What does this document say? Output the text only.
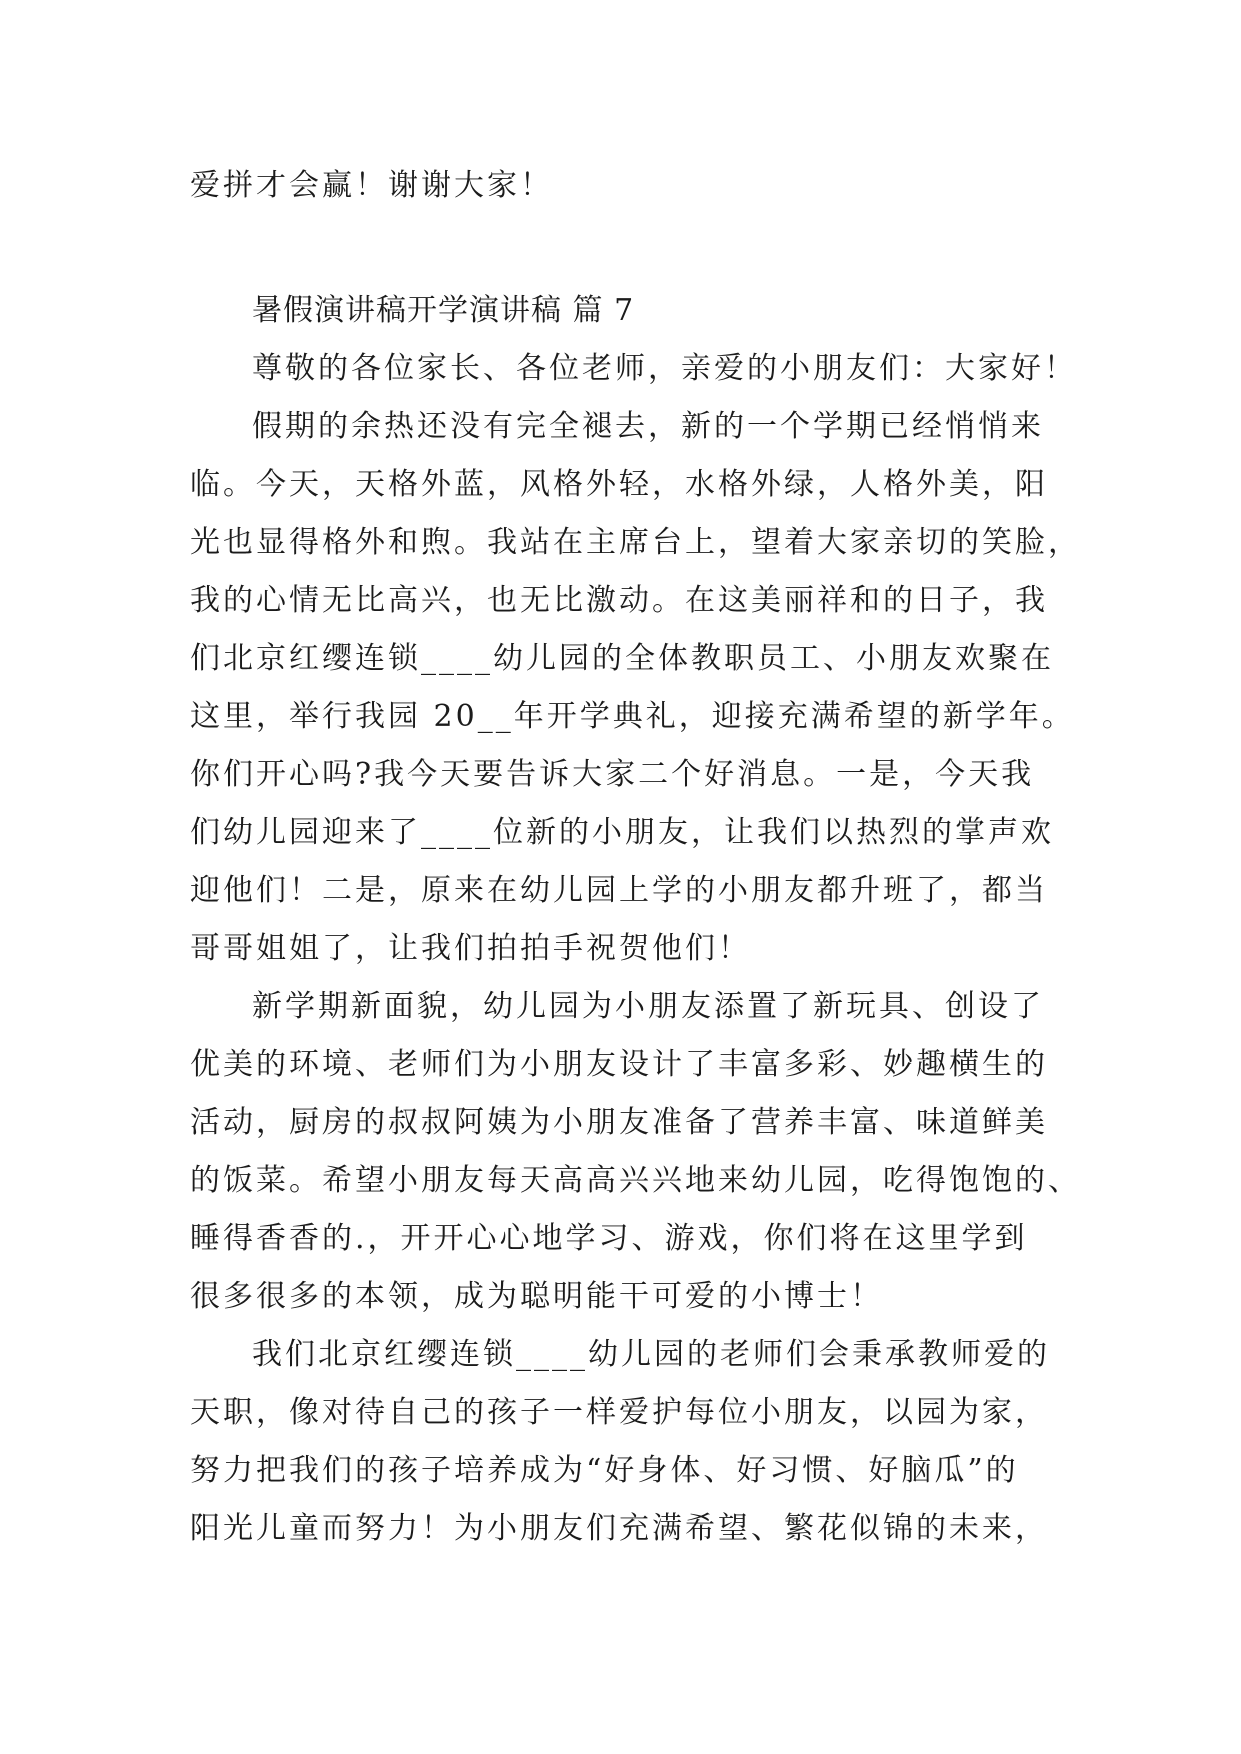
爱拼才会赢！谢谢大家！

暑假演讲稿开学演讲稿 篇 7

尊敬的各位家长、各位老师，亲爱的小朋友们：大家好！

假期的余热还没有完全褪去，新的一个学期已经悄悄来

临。今天，天格外蓝，风格外轻，水格外绿，人格外美，阳

光也显得格外和煦。我站在主席台上，望着大家亲切的笑脸，

我的心情无比高兴，也无比激动。在这美丽祥和的日子，我

们北京红缨连锁____幼儿园的全体教职员工、小朋友欢聚在

这里，举行我园 20__年开学典礼，迎接充满希望的新学年。

你们开心吗?我今天要告诉大家二个好消息。一是，今天我

们幼儿园迎来了____位新的小朋友，让我们以热烈的掌声欢

迎他们！二是，原来在幼儿园上学的小朋友都升班了，都当

哥哥姐姐了，让我们拍拍手祝贺他们！

新学期新面貌，幼儿园为小朋友添置了新玩具、创设了

优美的环境、老师们为小朋友设计了丰富多彩、妙趣横生的

活动，厨房的叔叔阿姨为小朋友准备了营养丰富、味道鲜美

的饭菜。希望小朋友每天高高兴兴地来幼儿园，吃得饱饱的、

睡得香香的.，开开心心地学习、游戏，你们将在这里学到

很多很多的本领，成为聪明能干可爱的小博士！

我们北京红缨连锁____幼儿园的老师们会秉承教师爱的

天职，像对待自己的孩子一样爱护每位小朋友，以园为家，

努力把我们的孩子培养成为“好身体、好习惯、好脑瓜”的

阳光儿童而努力！为小朋友们充满希望、繁花似锦的未来，
